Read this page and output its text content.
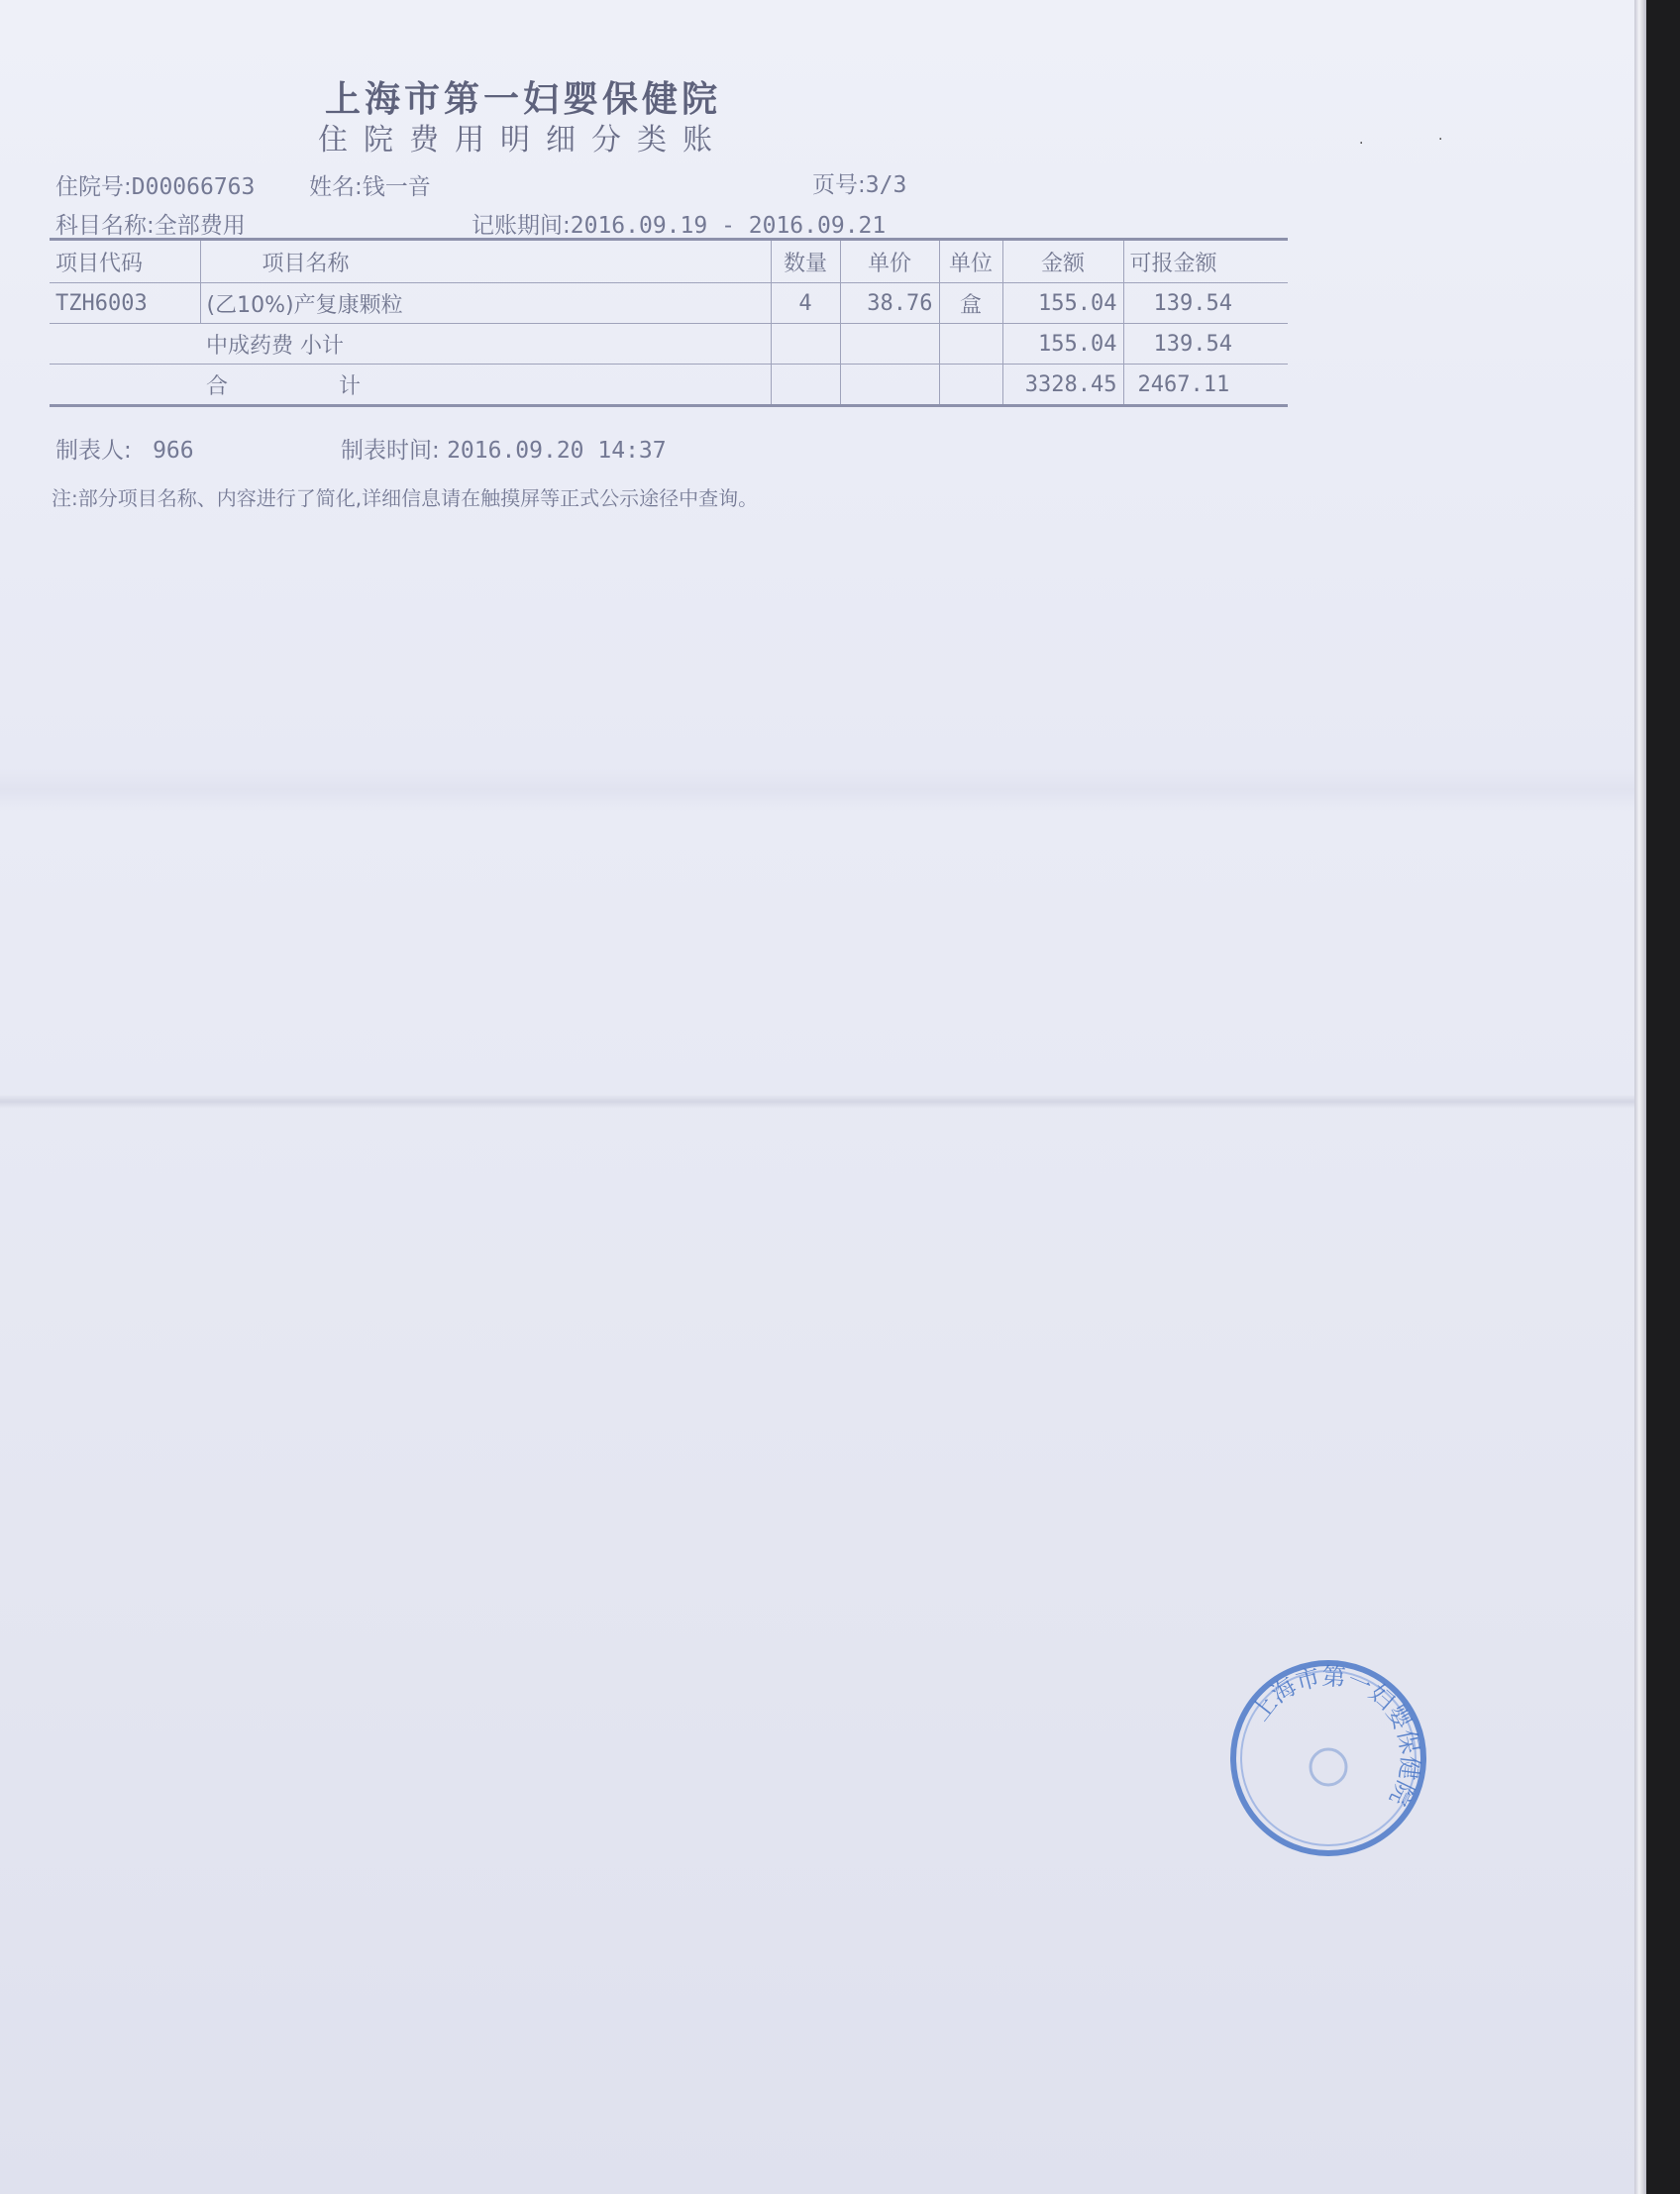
上海市第一妇婴保健院
住院费用明细分类账
住院号:D00066763 姓名:钱一音	页号:3/3
科目名称:全部费用	记账期间:2016.09.19 - 2016.09.21
项目代码	项目名称	数量	单价	单位	金额	可报金额
TZH6003	(乙10%)产复康颗粒	4	38.76	盒	155.04	139.54
	中成药费 小计				155.04	139.54
	合 计				3328.45	2467.11
制表人: 966	制表时间: 2016.09.20 14:37
注:部分项目名称、内容进行了简化,详细信息请在触摸屏等正式公示途径中查询。
·	·
上海市第一妇婴保健院
